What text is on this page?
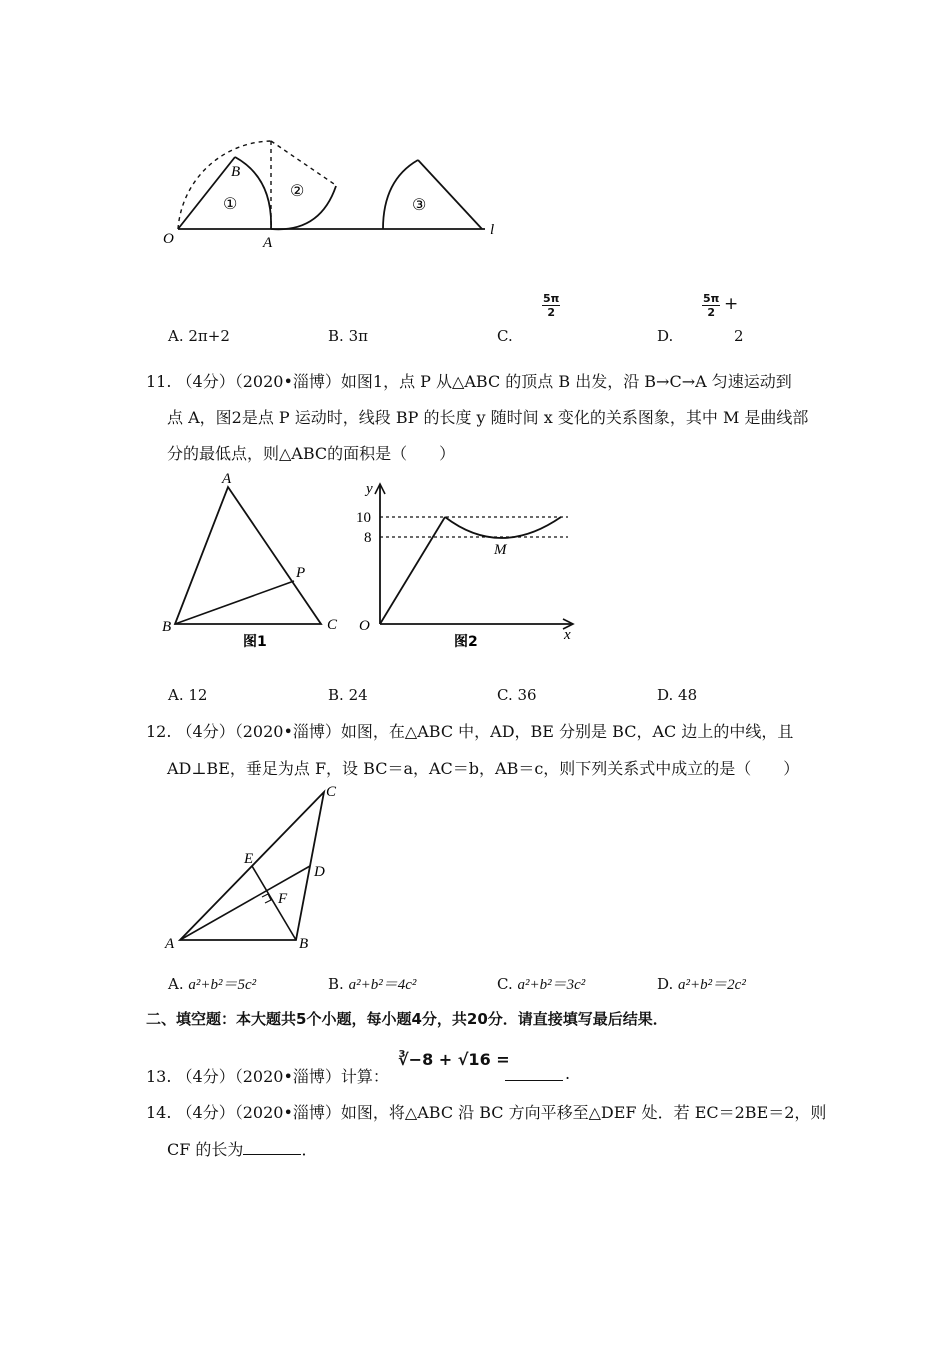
O	A
B
l
①
②
③
A. 2π+2	B. 3π	C.
$\frac{5\pi}{2}$
D.
$\frac{5\pi}{2}$ +
2
11. （4分）（2020•淄博）如图1，点 P 从△ABC 的顶点 B 出发，沿 B→C→A 匀速运动到
点 A，图2是点 P 运动时，线段 BP 的长度 y 随时间 x 变化的关系图象，其中 M 是曲线部
分的最低点，则△ABC的面积是（　　）
A
B	C
P
图1
y
x
O
10
8
M
图2
A. 12	B. 24	C. 36	D. 48
12. （4分）（2020•淄博）如图，在△ABC 中，AD，BE 分别是 BC，AC 边上的中线，且
AD⊥BE，垂足为点 F，设 BC＝a，AC＝b，AB＝c，则下列关系式中成立的是（　　）
C
E
D
F
A	B
A. a²+b²＝5c²	B. a²+b²＝4c²	C. a²+b²＝3c²	D. a²+b²＝2c²
二、填空题：本大题共5个小题，每小题4分，共20分．请直接填写最后结果．
13. （4分）（2020•淄博）计算：
∛−8 + √16 =
.
14. （4分）（2020•淄博）如图，将△ABC 沿 BC 方向平移至△DEF 处．若 EC＝2BE＝2，则
CF 的长为	．
